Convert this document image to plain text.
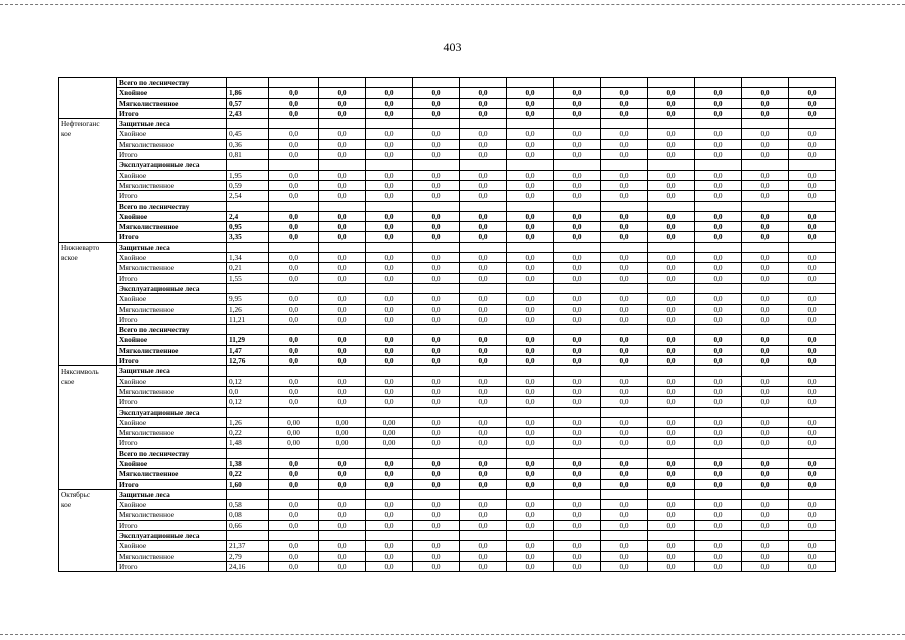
403
	Всего по лесничеству													
	Хвойное	1,86	0,0	0,0	0,0	0,0	0,0	0,0	0,0	0,0	0,0	0,0	0,0	0,0
	Мягколиственное	0,57	0,0	0,0	0,0	0,0	0,0	0,0	0,0	0,0	0,0	0,0	0,0	0,0
	Итого	2,43	0,0	0,0	0,0	0,0	0,0	0,0	0,0	0,0	0,0	0,0	0,0	0,0
Нефтеюганс	Защитные леса													
кое	Хвойное	0,45	0,0	0,0	0,0	0,0	0,0	0,0	0,0	0,0	0,0	0,0	0,0	0,0
	Мягколиственное	0,36	0,0	0,0	0,0	0,0	0,0	0,0	0,0	0,0	0,0	0,0	0,0	0,0
	Итого	0,81	0,0	0,0	0,0	0,0	0,0	0,0	0,0	0,0	0,0	0,0	0,0	0,0
	Эксплуатационные леса													
	Хвойное	1,95	0,0	0,0	0,0	0,0	0,0	0,0	0,0	0,0	0,0	0,0	0,0	0,0
	Мягколиственное	0,59	0,0	0,0	0,0	0,0	0,0	0,0	0,0	0,0	0,0	0,0	0,0	0,0
	Итого	2,54	0,0	0,0	0,0	0,0	0,0	0,0	0,0	0,0	0,0	0,0	0,0	0,0
	Всего по лесничеству													
	Хвойное	2,4	0,0	0,0	0,0	0,0	0,0	0,0	0,0	0,0	0,0	0,0	0,0	0,0
	Мягколиственное	0,95	0,0	0,0	0,0	0,0	0,0	0,0	0,0	0,0	0,0	0,0	0,0	0,0
	Итого	3,35	0,0	0,0	0,0	0,0	0,0	0,0	0,0	0,0	0,0	0,0	0,0	0,0
Нижневарто	Защитные леса													
вское	Хвойное	1,34	0,0	0,0	0,0	0,0	0,0	0,0	0,0	0,0	0,0	0,0	0,0	0,0
	Мягколиственное	0,21	0,0	0,0	0,0	0,0	0,0	0,0	0,0	0,0	0,0	0,0	0,0	0,0
	Итого	1,55	0,0	0,0	0,0	0,0	0,0	0,0	0,0	0,0	0,0	0,0	0,0	0,0
	Эксплуатационные леса													
	Хвойное	9,95	0,0	0,0	0,0	0,0	0,0	0,0	0,0	0,0	0,0	0,0	0,0	0,0
	Мягколиственное	1,26	0,0	0,0	0,0	0,0	0,0	0,0	0,0	0,0	0,0	0,0	0,0	0,0
	Итого	11,21	0,0	0,0	0,0	0,0	0,0	0,0	0,0	0,0	0,0	0,0	0,0	0,0
	Всего по лесничеству													
	Хвойное	11,29	0,0	0,0	0,0	0,0	0,0	0,0	0,0	0,0	0,0	0,0	0,0	0,0
	Мягколиственное	1,47	0,0	0,0	0,0	0,0	0,0	0,0	0,0	0,0	0,0	0,0	0,0	0,0
	Итого	12,76	0,0	0,0	0,0	0,0	0,0	0,0	0,0	0,0	0,0	0,0	0,0	0,0
Няксимволь	Защитные леса													
ское	Хвойное	0,12	0,0	0,0	0,0	0,0	0,0	0,0	0,0	0,0	0,0	0,0	0,0	0,0
	Мягколиственное	0,0	0,0	0,0	0,0	0,0	0,0	0,0	0,0	0,0	0,0	0,0	0,0	0,0
	Итого	0,12	0,0	0,0	0,0	0,0	0,0	0,0	0,0	0,0	0,0	0,0	0,0	0,0
	Эксплуатационные леса													
	Хвойное	1,26	0,00	0,00	0,00	0,0	0,0	0,0	0,0	0,0	0,0	0,0	0,0	0,0
	Мягколиственное	0,22	0,00	0,00	0,00	0,0	0,0	0,0	0,0	0,0	0,0	0,0	0,0	0,0
	Итого	1,48	0,00	0,00	0,00	0,0	0,0	0,0	0,0	0,0	0,0	0,0	0,0	0,0
	Всего по лесничеству													
	Хвойное	1,38	0,0	0,0	0,0	0,0	0,0	0,0	0,0	0,0	0,0	0,0	0,0	0,0
	Мягколиственное	0,22	0,0	0,0	0,0	0,0	0,0	0,0	0,0	0,0	0,0	0,0	0,0	0,0
	Итого	1,60	0,0	0,0	0,0	0,0	0,0	0,0	0,0	0,0	0,0	0,0	0,0	0,0
Октябрьс	Защитные леса													
кое	Хвойное	0,58	0,0	0,0	0,0	0,0	0,0	0,0	0,0	0,0	0,0	0,0	0,0	0,0
	Мягколиственное	0,08	0,0	0,0	0,0	0,0	0,0	0,0	0,0	0,0	0,0	0,0	0,0	0,0
	Итого	0,66	0,0	0,0	0,0	0,0	0,0	0,0	0,0	0,0	0,0	0,0	0,0	0,0
	Эксплуатационные леса													
	Хвойное	21,37	0,0	0,0	0,0	0,0	0,0	0,0	0,0	0,0	0,0	0,0	0,0	0,0
	Мягколиственное	2,79	0,0	0,0	0,0	0,0	0,0	0,0	0,0	0,0	0,0	0,0	0,0	0,0
	Итого	24,16	0,0	0,0	0,0	0,0	0,0	0,0	0,0	0,0	0,0	0,0	0,0	0,0
